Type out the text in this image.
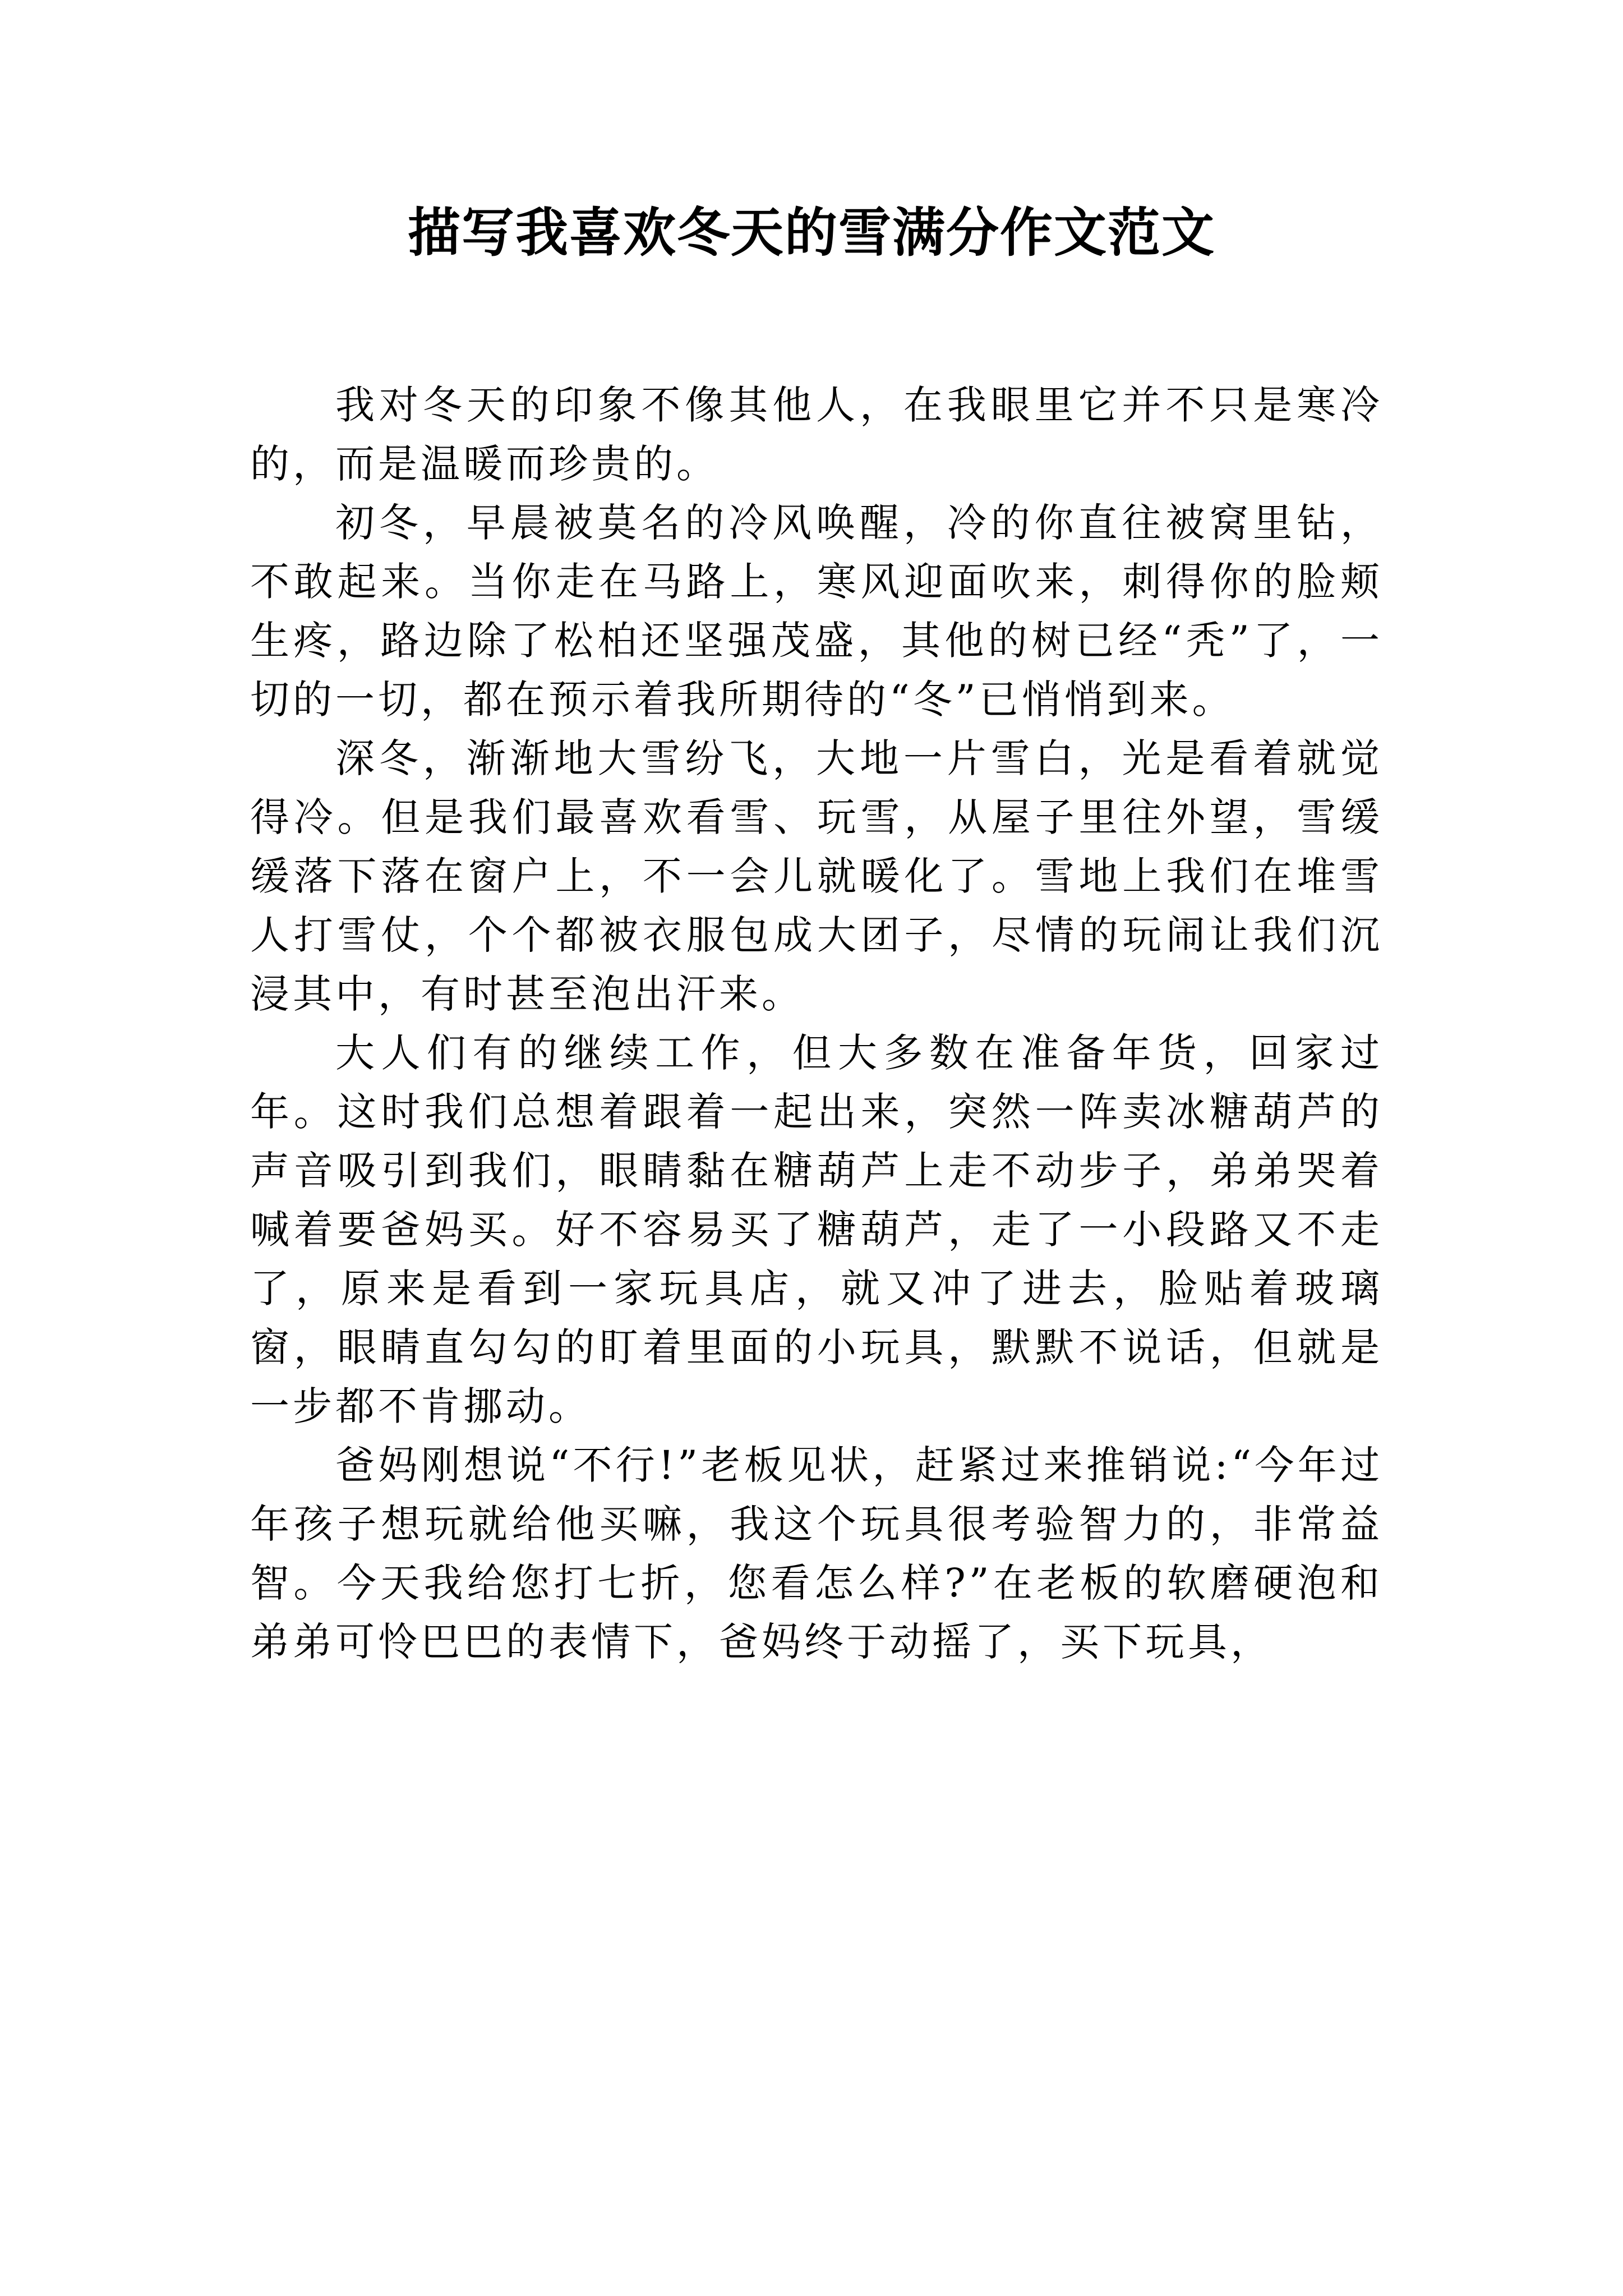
描写我喜欢冬天的雪满分作文范文

我对冬天的印象不像其他人，在我眼里它并不只是寒冷的，而是温暖而珍贵的。

初冬，早晨被莫名的冷风唤醒，冷的你直往被窝里钻，不敢起来。当你走在马路上，寒风迎面吹来，刺得你的脸颊生疼，路边除了松柏还坚强茂盛，其他的树已经“秃”了，一切的一切，都在预示着我所期待的“冬”已悄悄到来。

深冬，渐渐地大雪纷飞，大地一片雪白，光是看着就觉得冷。但是我们最喜欢看雪、玩雪，从屋子里往外望，雪缓缓落下落在窗户上，不一会儿就暖化了。雪地上我们在堆雪人打雪仗，个个都被衣服包成大团子，尽情的玩闹让我们沉浸其中，有时甚至泡出汗来。

大人们有的继续工作，但大多数在准备年货，回家过年。这时我们总想着跟着一起出来，突然一阵卖冰糖葫芦的声音吸引到我们，眼睛黏在糖葫芦上走不动步子，弟弟哭着喊着要爸妈买。好不容易买了糖葫芦，走了一小段路又不走了，原来是看到一家玩具店，就又冲了进去，脸贴着玻璃窗，眼睛直勾勾的盯着里面的小玩具，默默不说话，但就是一步都不肯挪动。

爸妈刚想说“不行!”老板见状，赶紧过来推销说:“今年过年孩子想玩就给他买嘛，我这个玩具很考验智力的，非常益智。今天我给您打七折，您看怎么样?”在老板的软磨硬泡和弟弟可怜巴巴的表情下，爸妈终于动摇了，买下玩具，
